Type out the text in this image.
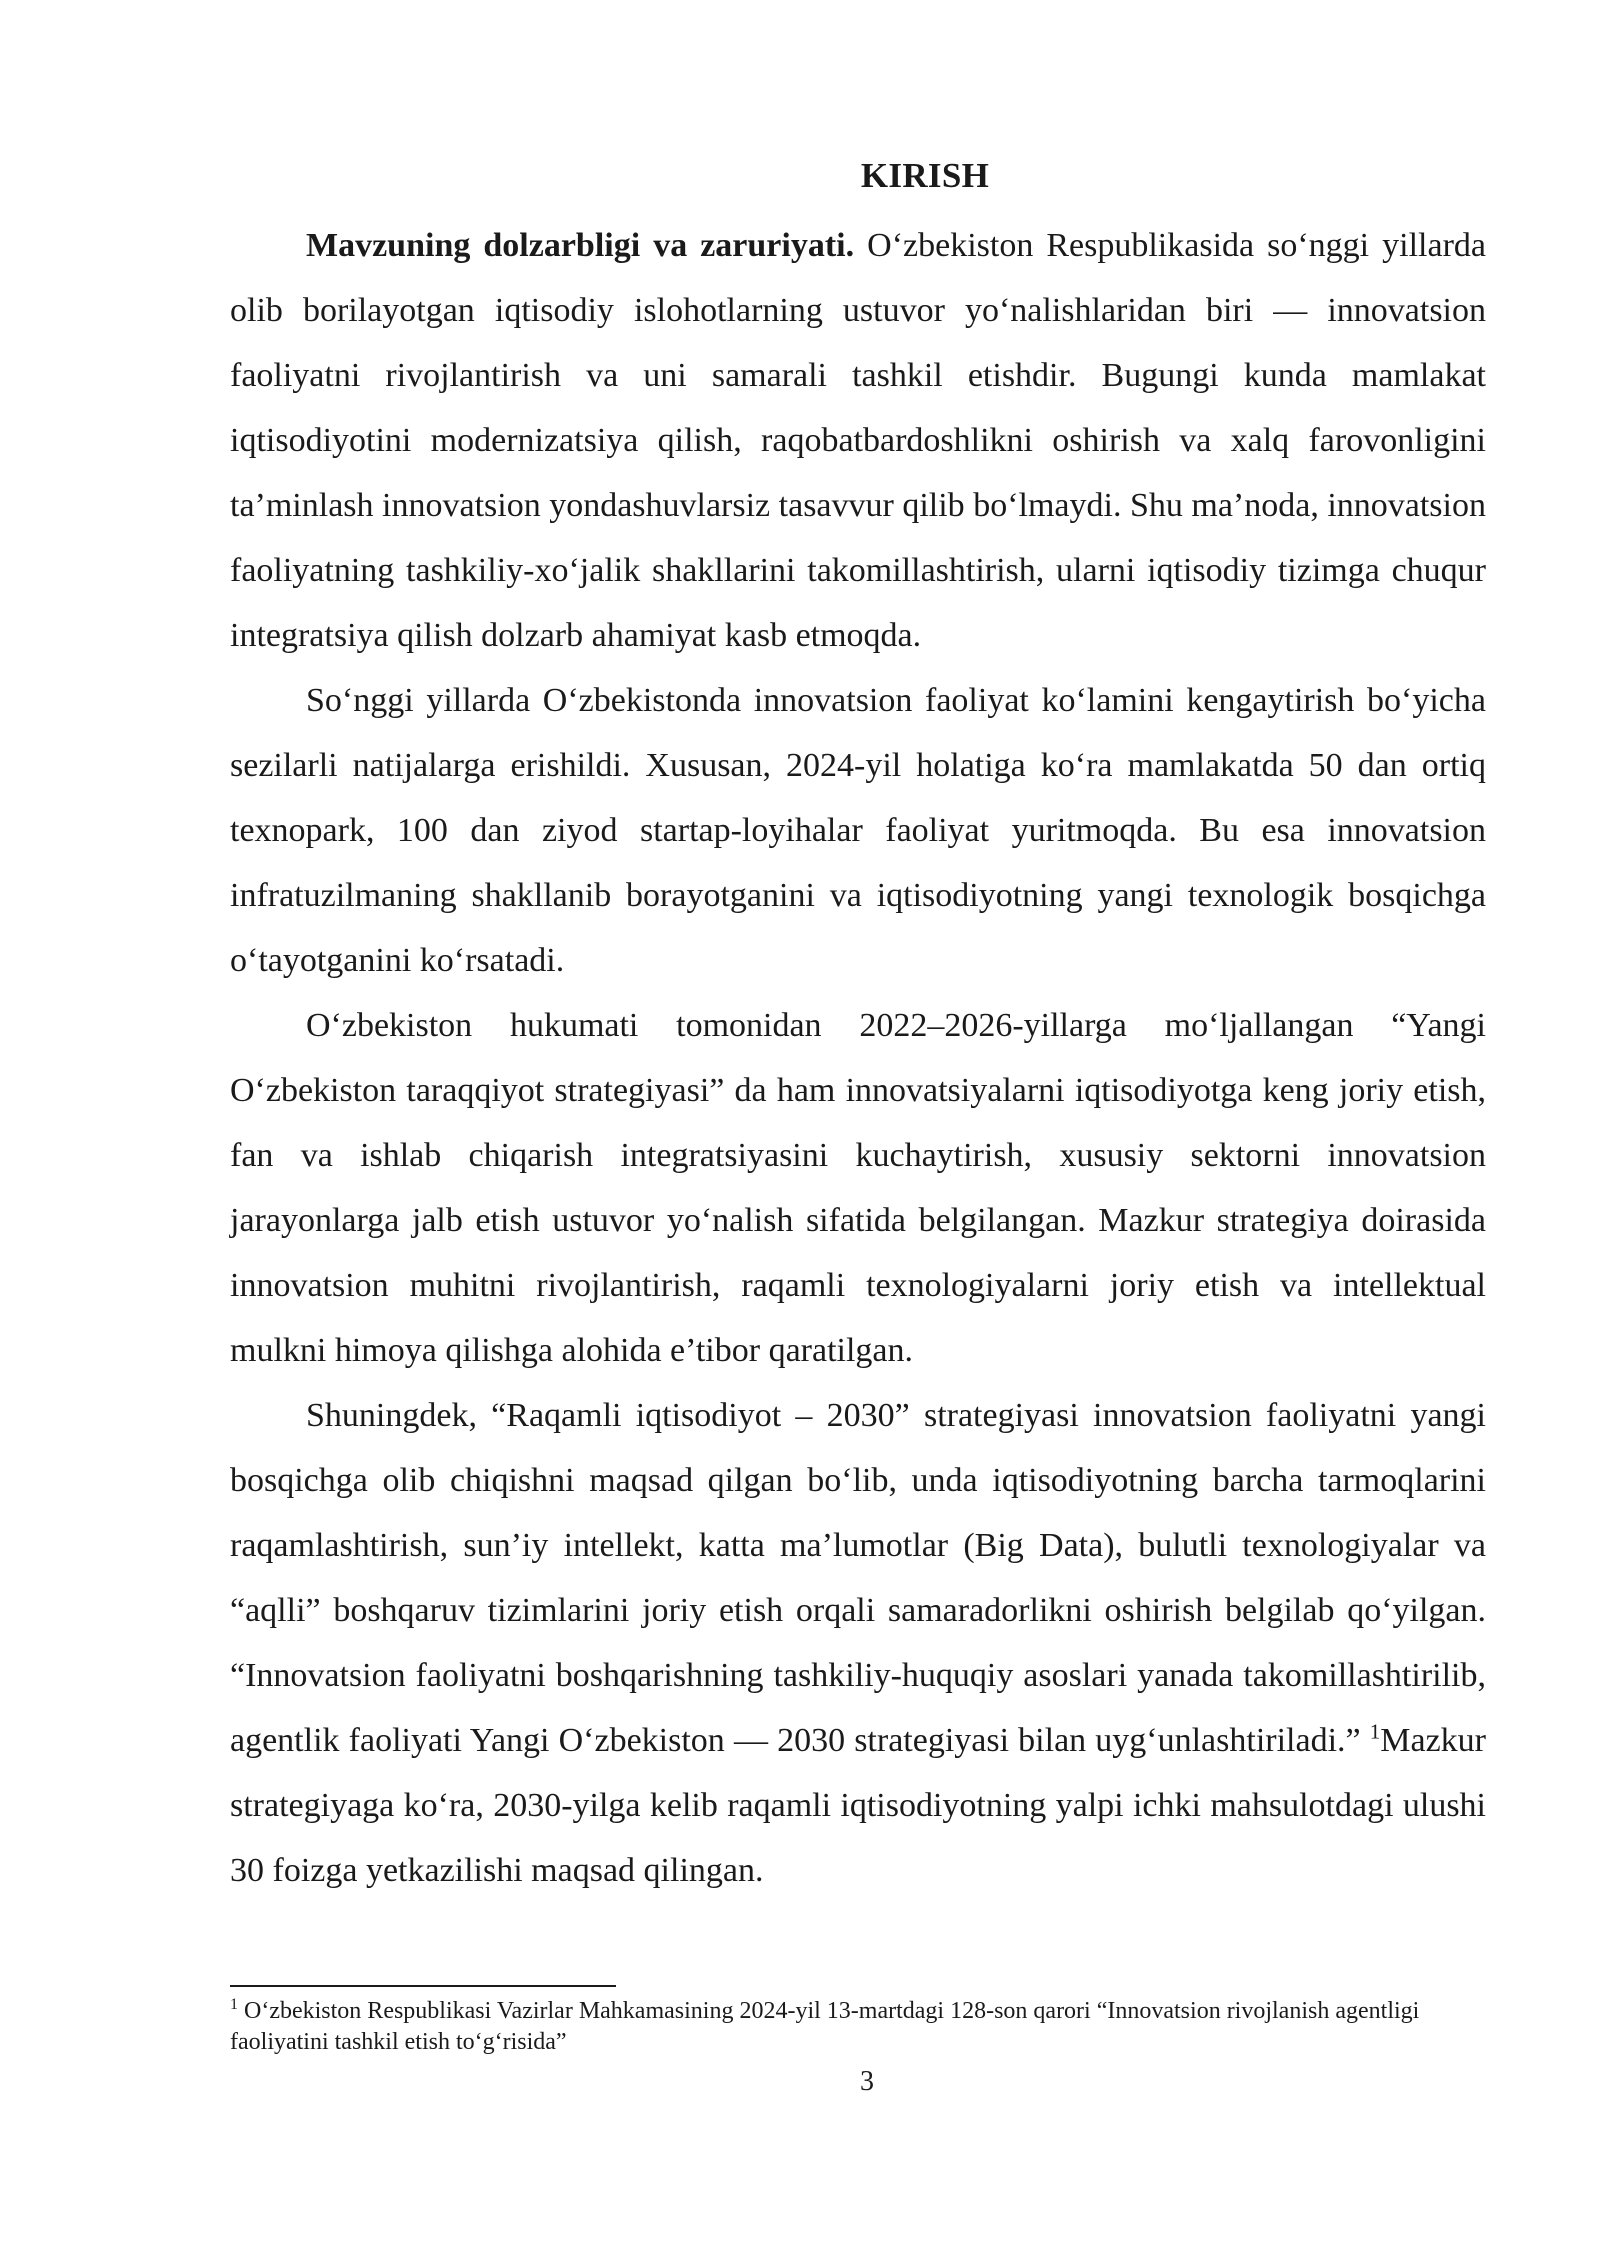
KIRISH

Mavzuning dolzarbligi va zaruriyati. O‘zbekiston Respublikasida so‘nggi yillarda olib borilayotgan iqtisodiy islohotlarning ustuvor yo‘nalishlaridan biri — innovatsion faoliyatni rivojlantirish va uni samarali tashkil etishdir. Bugungi kunda mamlakat iqtisodiyotini modernizatsiya qilish, raqobatbardoshlikni oshirish va xalq farovonligini ta’minlash innovatsion yondashuvlarsiz tasavvur qilib bo‘lmaydi. Shu ma’noda, innovatsion faoliyatning tashkiliy-xo‘jalik shakllarini takomillashtirish, ularni iqtisodiy tizimga chuqur integratsiya qilish dolzarb ahamiyat kasb etmoqda.

So‘nggi yillarda O‘zbekistonda innovatsion faoliyat ko‘lamini kengaytirish bo‘yicha sezilarli natijalarga erishildi. Xususan, 2024-yil holatiga ko‘ra mamlakatda 50 dan ortiq texnopark, 100 dan ziyod startap-loyihalar faoliyat yuritmoqda. Bu esa innovatsion infratuzilmaning shakllanib borayotganini va iqtisodiyotning yangi texnologik bosqichga o‘tayotganini ko‘rsatadi.

O‘zbekiston hukumati tomonidan 2022–2026-yillarga mo‘ljallangan “Yangi O‘zbekiston taraqqiyot strategiyasi” da ham innovatsiyalarni iqtisodiyotga keng joriy etish, fan va ishlab chiqarish integratsiyasini kuchaytirish, xususiy sektorni innovatsion jarayonlarga jalb etish ustuvor yo‘nalish sifatida belgilangan. Mazkur strategiya doirasida innovatsion muhitni rivojlantirish, raqamli texnologiyalarni joriy etish va intellektual mulkni himoya qilishga alohida e’tibor qaratilgan.

Shuningdek, “Raqamli iqtisodiyot – 2030” strategiyasi innovatsion faoliyatni yangi bosqichga olib chiqishni maqsad qilgan bo‘lib, unda iqtisodiyotning barcha tarmoqlarini raqamlashtirish, sun’iy intellekt, katta ma’lumotlar (Big Data), bulutli texnologiyalar va “aqlli” boshqaruv tizimlarini joriy etish orqali samaradorlikni oshirish belgilab qo‘yilgan. “Innovatsion faoliyatni boshqarishning tashkiliy-huquqiy asoslari yanada takomillashtirilib, agentlik faoliyati Yangi O‘zbekiston — 2030 strategiyasi bilan uyg‘unlashtiriladi.” $^1$Mazkur strategiyaga ko‘ra, 2030-yilga kelib raqamli iqtisodiyotning yalpi ichki mahsulotdagi ulushi 30 foizga yetkazilishi maqsad qilingan.

$^1$ O‘zbekiston Respublikasi Vazirlar Mahkamasining 2024-yil 13-martdagi 128-son qarori “Innovatsion rivojlanish agentligi faoliyatini tashkil etish to‘g‘risida”
3
